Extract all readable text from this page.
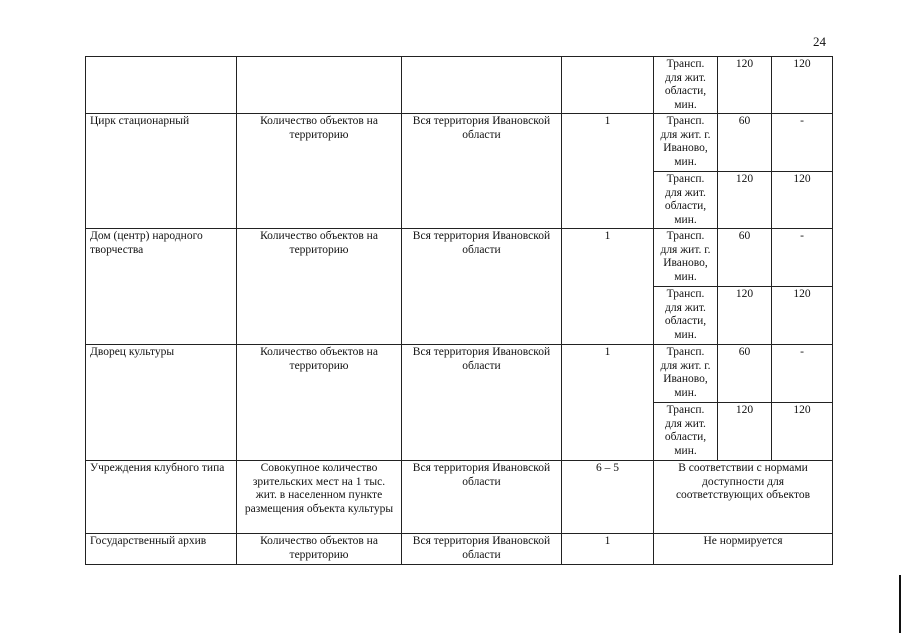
24
				Трансп. для жит. области, мин.	120	120
Цирк стационарный	Количество объектов на территорию	Вся территория Ивановской области	1	Трансп. для жит. г. Иваново, мин.	60	-
				Трансп. для жит. области, мин.	120	120
Дом (центр) народного творчества	Количество объектов на территорию	Вся территория Ивановской области	1	Трансп. для жит. г. Иваново, мин.	60	-
				Трансп. для жит. области, мин.	120	120
Дворец культуры	Количество объектов на территорию	Вся территория Ивановской области	1	Трансп. для жит. г. Иваново, мин.	60	-
				Трансп. для жит. области, мин.	120	120
Учреждения клубного типа	Совокупное количество зрительских мест на 1 тыс. жит. в населенном пункте размещения объекта культуры	Вся территория Ивановской области	6 – 5	В соответствии с нормами доступности для соответствующих объектов		
Государственный архив	Количество объектов на территорию	Вся территория Ивановской области	1	Не нормируется		
